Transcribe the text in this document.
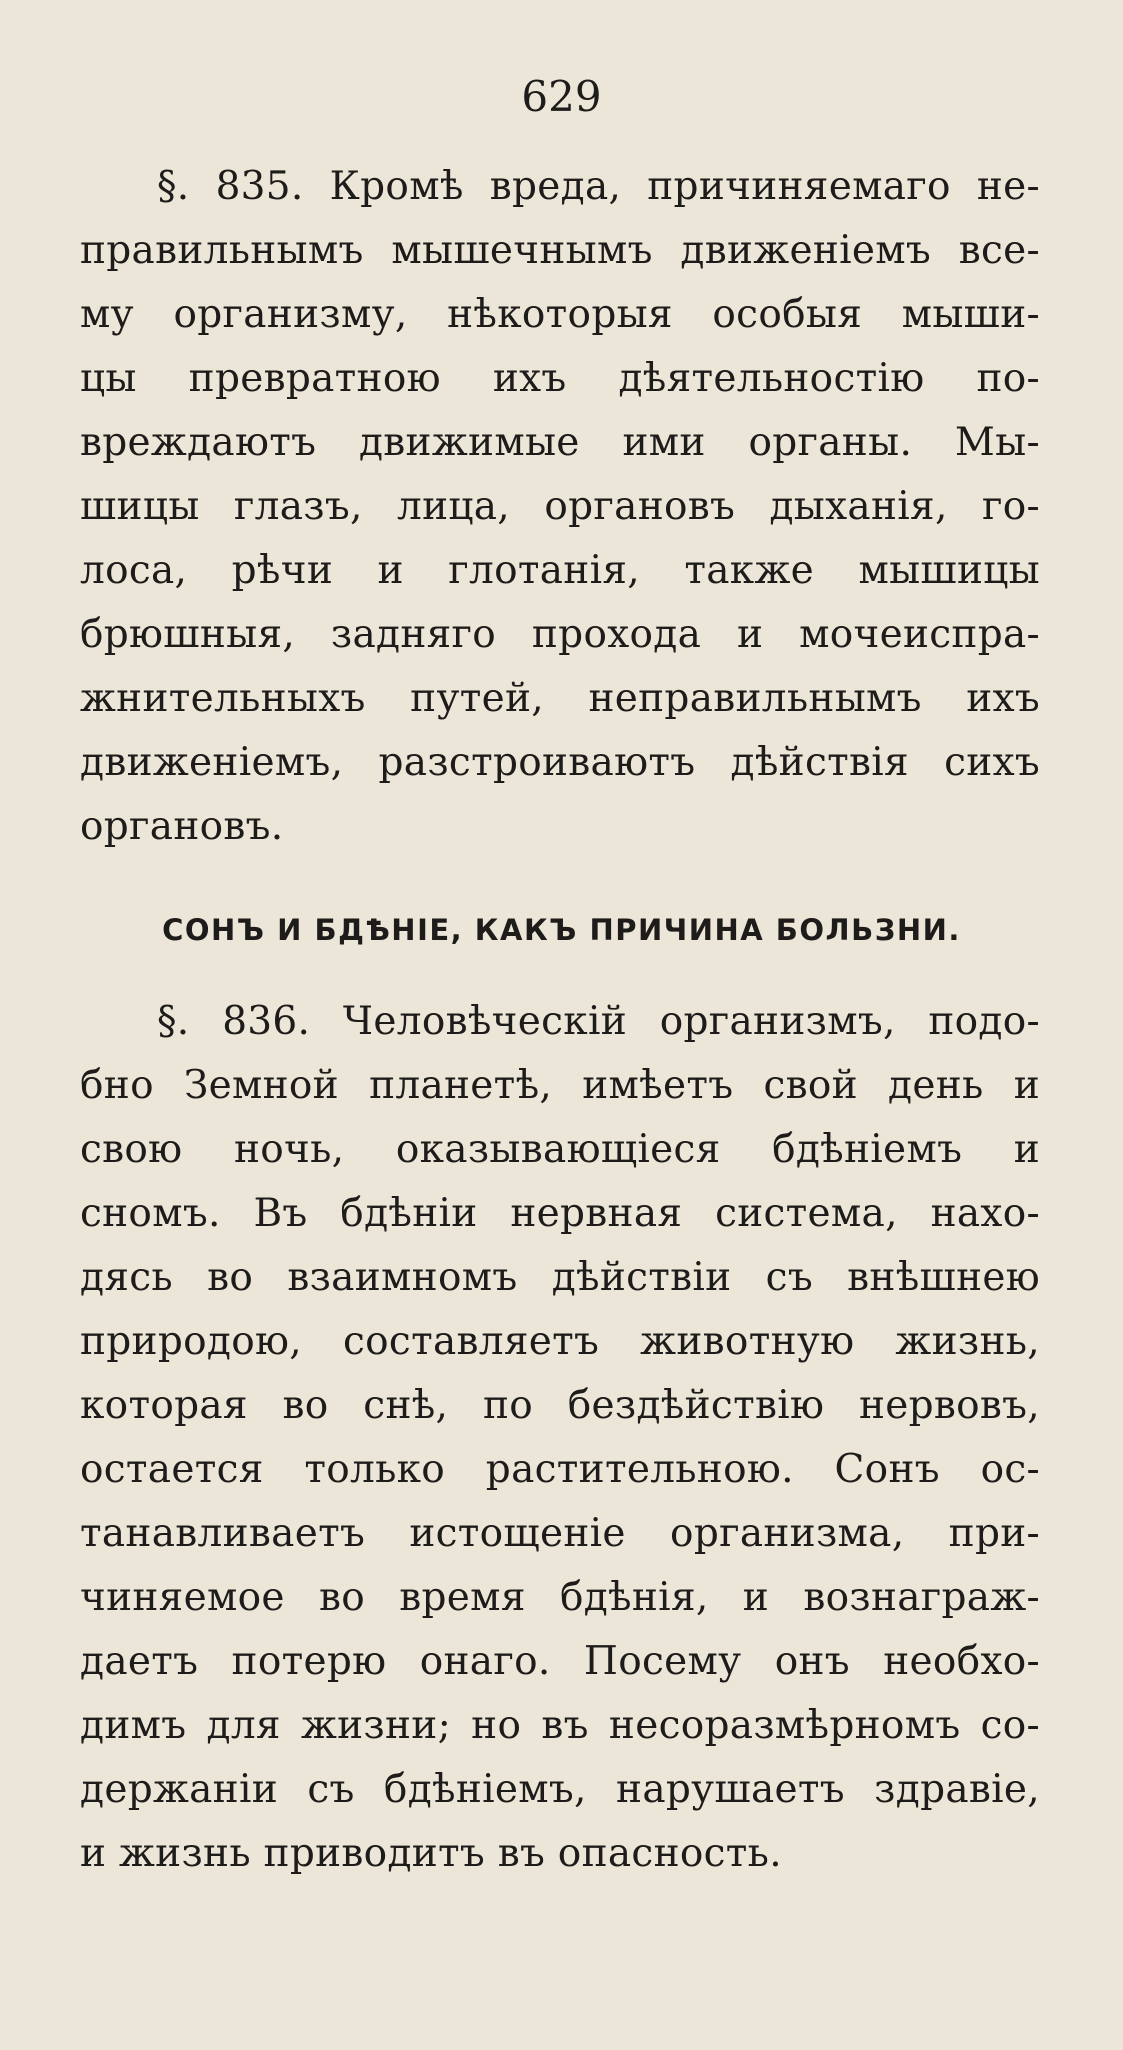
629
§. 835. Кромѣ вреда, причиняемаго не-
правильнымъ мышечнымъ движеніемъ все-
му организму, нѣкоторыя особыя мыши-
цы превратною ихъ дѣятельностію по-
вреждаютъ движимые ими органы. Мы-
шицы глазъ, лица, органовъ дыханія, го-
лоса, рѣчи и глотанія, также мышицы
брюшныя, задняго прохода и мочеиспра-
жнительныхъ путей, неправильнымъ ихъ
движеніемъ, разстроиваютъ дѣйствія сихъ
органовъ.
СОНЪ И БДѢНІЕ, КАКЪ ПРИЧИНА БОЛЬЗНИ.
§. 836. Человѣческій организмъ, подо-
бно Земной планетѣ, имѣетъ свой день и
свою ночь, оказывающіеся бдѣніемъ и
сномъ. Въ бдѣніи нервная система, нахо-
дясь во взаимномъ дѣйствіи съ внѣшнею
природою, составляетъ животную жизнь,
которая во снѣ, по бездѣйствію нервовъ,
остается только растительною. Сонъ ос-
танавливаетъ истощеніе организма, при-
чиняемое во время бдѣнія, и вознаграж-
даетъ потерю онаго. Посему онъ необхо-
димъ для жизни; но въ несоразмѣрномъ со-
держаніи съ бдѣніемъ, нарушаетъ здравіе,
и жизнь приводитъ въ опасность.
